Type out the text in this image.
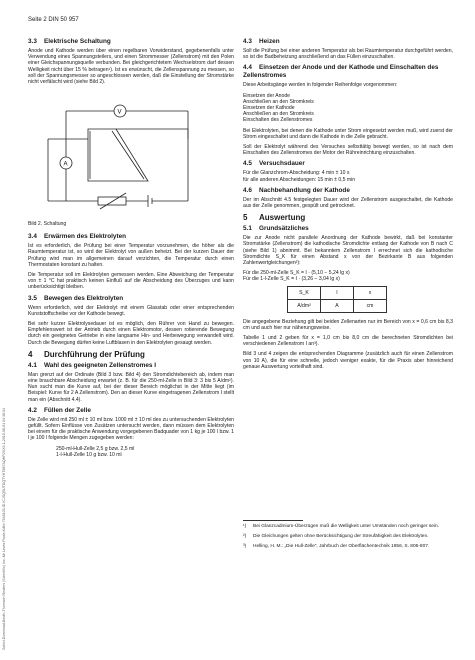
Sofort-Download-Beuth-Thomson Reuters (Scientific) Inc.-Mr Lewis Poole-KdNr.7548103-ID.ICJSQ5UTDQTYHTMI7AQHP2XX3.1-2015-08-01 04:38:04
Seite 2 DIN 50 957
3.3 Elektrische Schaltung

Anode und Kathode werden über einen regelbaren Vorwiderstand, gegebenenfalls unter Verwendung eines Spannungsteilers, und einen Strommesser (Zellenstrom) mit den Polen einer Gleichspannungsquelle verbunden. Bei gleichgerichtetem Wechselstrom darf dessen Welligkeit nicht über 15 % betragen¹). Ist es erwünscht, die Zellenspannung zu messen, so soll der Spannungsmesser so angeschlossen werden, daß die Einstellung der Stromstärke nicht verfälscht wird (siehe Bild 2).

V
A
Bild 2. Schaltung
3.4 Erwärmen des Elektrolyten

Ist es erforderlich, die Prüfung bei einer Temperatur vorzunehmen, die höher als die Raumtemperatur ist, so wird der Elektrolyt von außen beheizt. Bei der kurzen Dauer der Prüfung wird man im allgemeinen darauf verzichten, die Temperatur durch einen Thermostaten konstant zu halten.

Die Temperatur soll im Elektrolyten gemessen werden. Eine Abweichung der Temperatur von ± 1 °C hat praktisch keinen Einfluß auf die Abscheidung des Überzuges und kann unberücksichtigt bleiben.

3.5 Bewegen des Elektrolyten

Wenn erforderlich, wird der Elektrolyt mit einem Glasstab oder einer entsprechenden Kunststoffscheibe vor der Kathode bewegt.

Bei sehr kurzer Elektrolysedauer ist es möglich, den Rührer von Hand zu bewegen. Empfehlenswert ist der Antrieb durch einen Elektromotor, dessen rotierende Bewegung durch ein geeignetes Getriebe in eine langsame Hin- und Herbewegung verwandelt wird. Durch die Bewegung dürfen keine Luftblasen in den Elektrolyten gesaugt werden.

4 Durchführung der Prüfung
4.1 Wahl des geeigneten Zellenstromes I

Man grenzt auf der Ordinate (Bild 3 bzw. Bild 4) den Stromdichtebereich ab, indem man eine brauchbare Abscheidung erwartet (z. B. für die 250-ml-Zelle in Bild 3: 3 bis 5 A/dm²). Nun sucht man die Kurve auf, bei der dieser Bereich möglichst in der Mitte liegt (im Beispiel: Kurve für 2 A Zellenstrom). Den an dieser Kurve eingetragenen Zellenstrom I stellt man ein (Abschnitt 4.4).

4.2 Füllen der Zelle

Die Zelle wird mit 250 ml ± 10 ml bzw. 1000 ml ± 10 ml des zu untersuchenden Elektrolyten gefüllt. Sofern Einflüsse von Zusätzen untersucht werden, dann müssen dem Elektrolyten bei einem für die praktische Anwendung vorgegebenen Badquader von 1 kg je 100 l bzw. 1 l je 100 l folgende Mengen zugegeben werden:

250-ml-Hull-Zelle 2,5 g bzw. 2,5 ml

1-l-Hull-Zelle 10 g bzw. 10 ml

4.3 Heizen

Soll die Prüfung bei einer anderen Temperatur als bei Raumtemperatur durchgeführt werden, so ist die Badbeheizung anschließend an das Füllen einzuschalten.

4.4 Einsetzen der Anode und der Kathode und Einschalten des Zellenstromes

Diese Arbeitsgänge werden in folgender Reihenfolge vorgenommen:

Einsetzen der Anode

Anschließen an den Stromkreis

Einsetzen der Kathode

Anschließen an den Stromkreis

Einschalten des Zellenstromes

Bei Elektrolyten, bei denen die Kathode unter Strom eingesetzt werden muß, wird zuerst der Strom eingeschaltet und dann die Kathode in die Zelle gebracht.

Soll der Elektrolyt während des Versuches selbsttätig bewegt werden, so ist nach dem Einschalten des Zellenstromes der Motor der Rühreinrichtung einzuschalten.

4.5 Versuchsdauer

Für die Glanzchrom-Abscheidung: 4 min ± 10 s

für alle anderen Abscheidungen: 15 min ± 0,5 min

4.6 Nachbehandlung der Kathode

Der im Abschnitt 4.5 festgelegten Dauer wird der Zellenstrom ausgeschaltet, die Kathode aus der Zelle genommen, gespült und getrocknet.

5 Auswertung
5.1 Grundsätzliches

Die zur Anode nicht parallele Anordnung der Kathode bewirkt, daß bei konstanter Stromstärke (Zellenstrom) die kathodische Stromdichte entlang der Kathode von B nach C (siehe Bild 1) abnimmt. Bei bekanntem Zellenstrom I errechnet sich die kathodische Stromdichte S_K für einen Abstand x von der Bezirkante B aus folgenden Zahlenwertgleichungen²):

Für die 250-ml-Zelle S_K = I · (5,10 − 5,24 lg x)

Für die 1-l-Zelle S_K = I · (3,26 − 3,04 lg x)

S_K	I	x
A/dm²	A	cm

Die angegebene Beziehung gilt bei beiden Zellenarten nur im Bereich von x = 0,6 cm bis 8,3 cm und auch hier nur näherungsweise.

Tabelle 1 und 2 geben für x = 1,0 cm bis 8,0 cm die berechneten Stromdichten bei verschiedenen Zellenstrom I an³).

Bild 3 und 4 zeigen die entsprechenden Diagramme (zusätzlich auch für einen Zellenstrom von 10 A), die für eine schnelle, jedoch weniger exakte, für die Praxis aber hinreichend genaue Auswertung vorteilhaft sind.

¹)	Bei Glanzcadmium-Überzügen muß die Welligkeit unter Umständen noch geringer sein.

²)	Die Gleichungen gelten ohne Berücksichtigung der Streufähigkeit des Elektrolyten.

³)	Helling, H. M.: „Die Hull-Zelle“, Jahrbuch der Oberflächentechnik 1956, S. 805-807.
